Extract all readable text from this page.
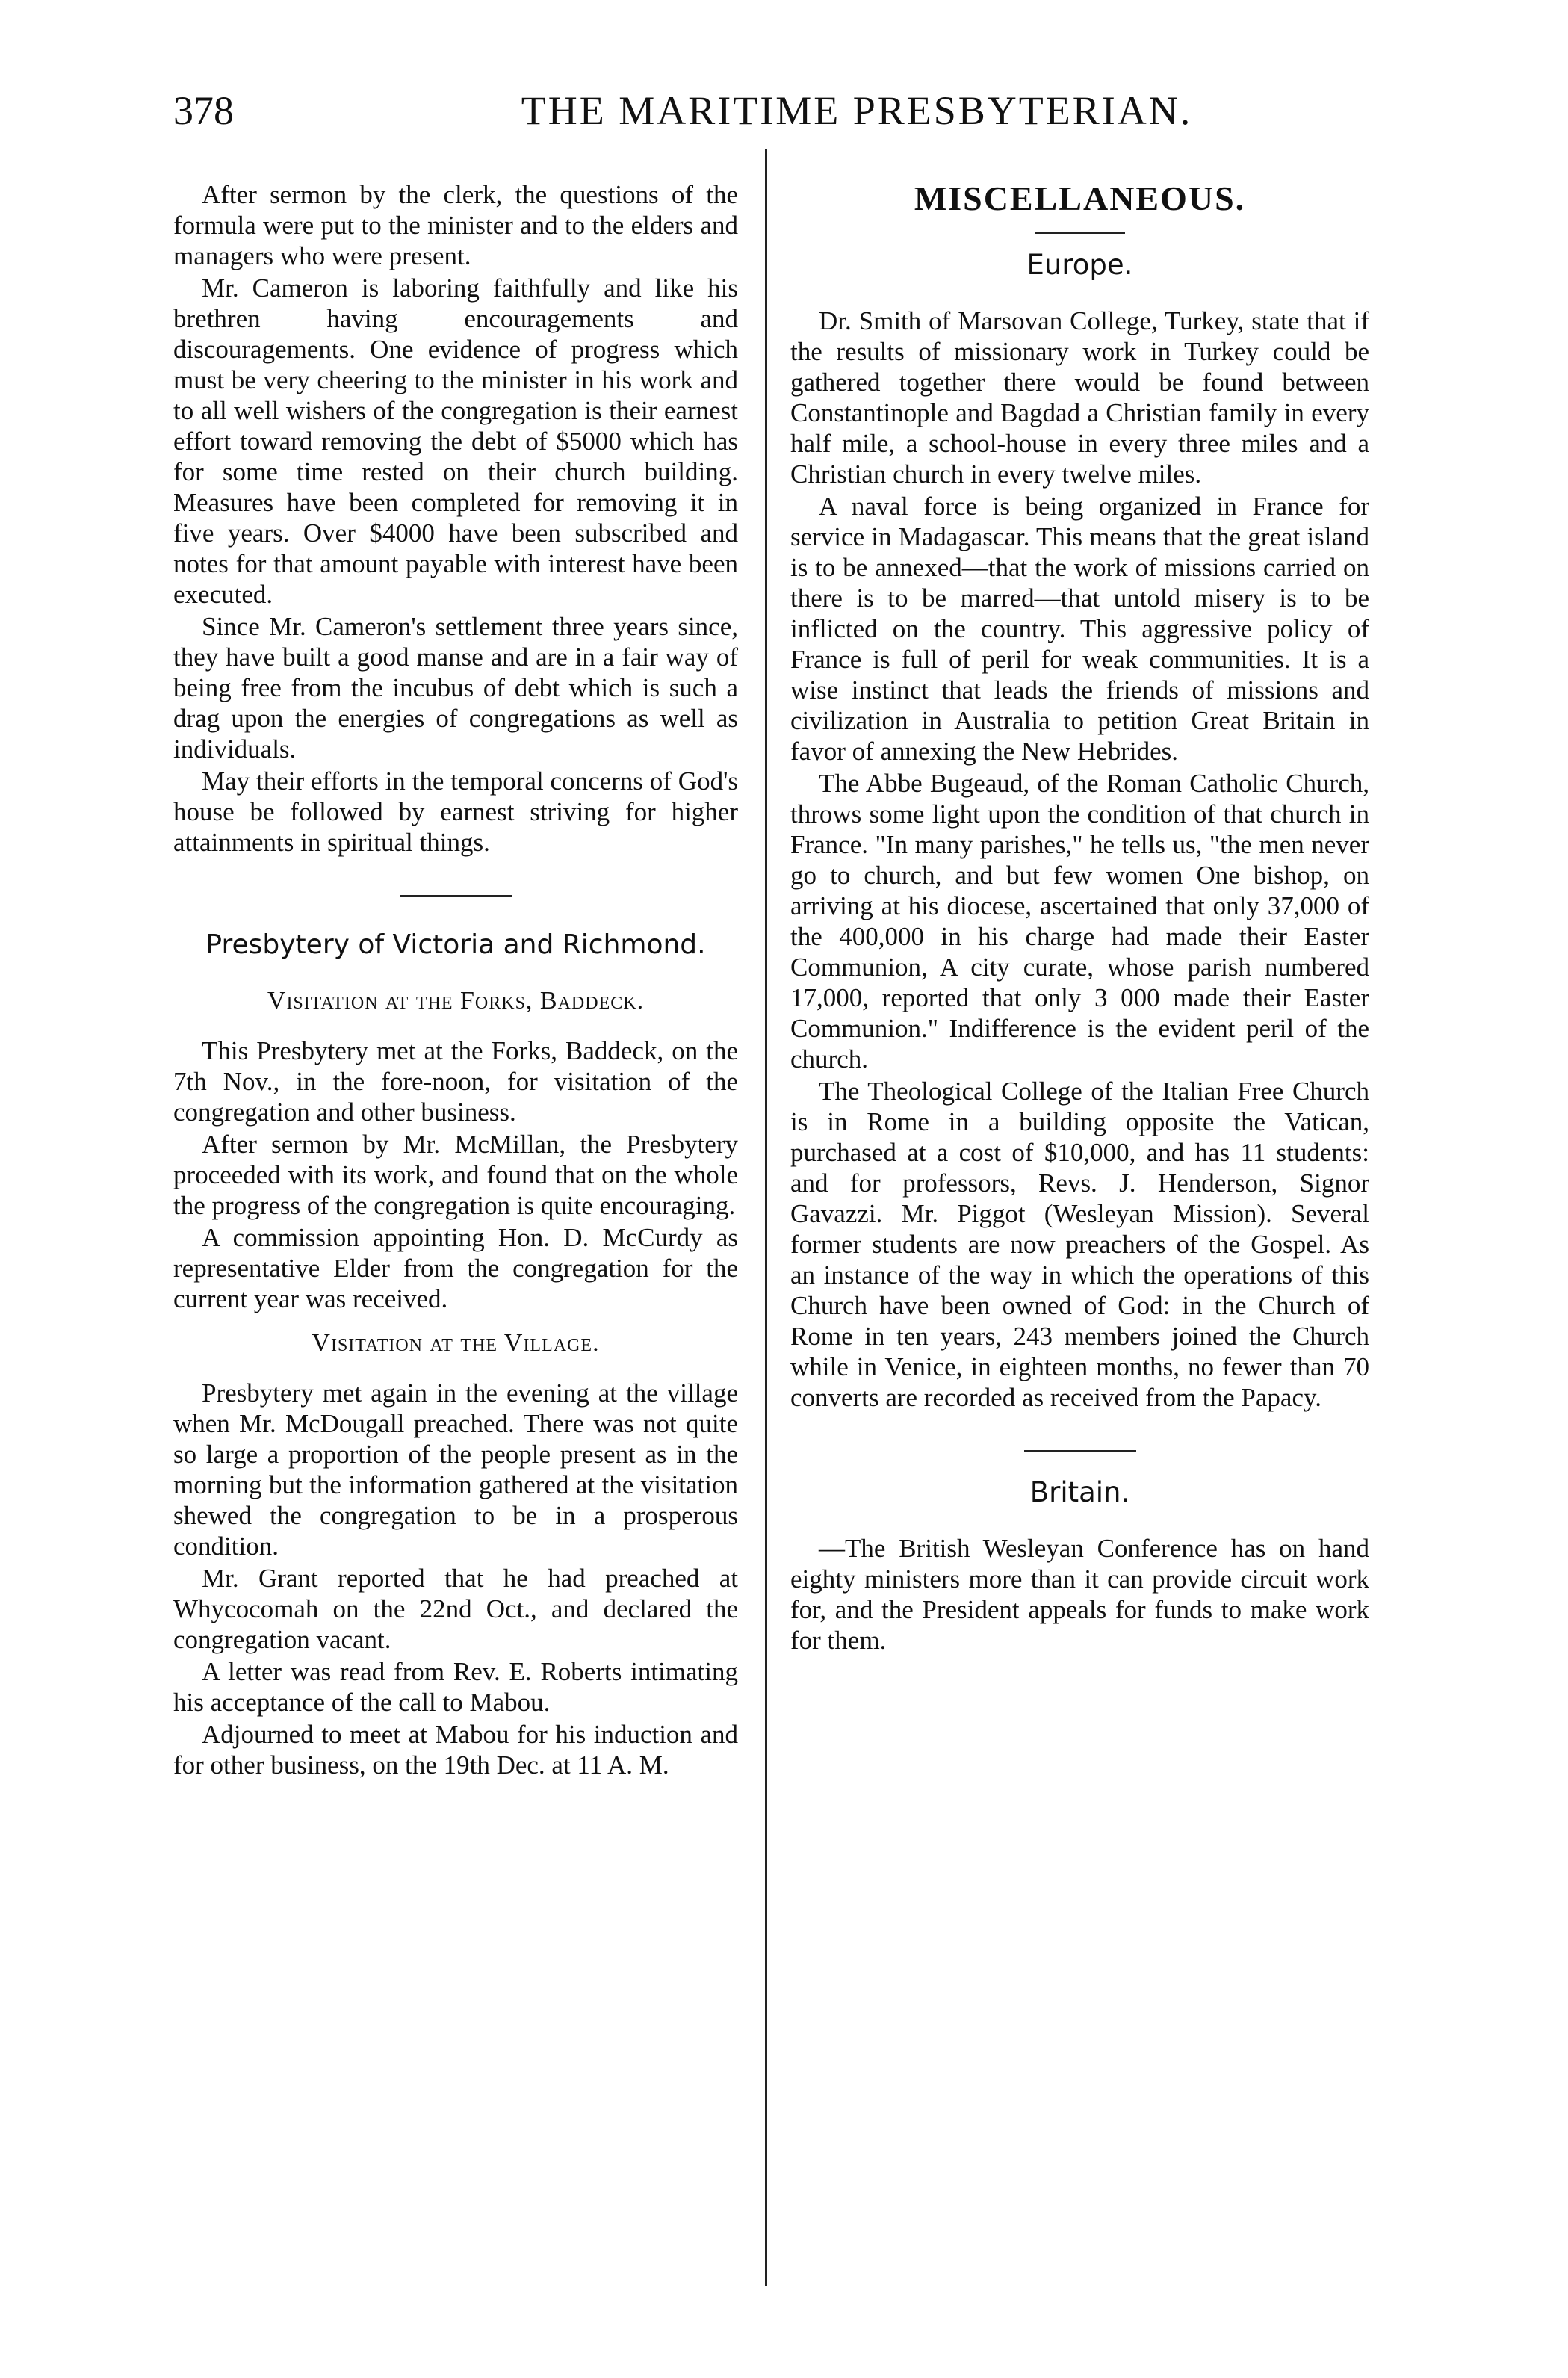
378	THE MARITIME PRESBYTERIAN.

After sermon by the clerk, the questions of the formula were put to the minister and to the elders and managers who were present.

Mr. Cameron is laboring faithfully and like his brethren having encouragements and discouragements. One evidence of progress which must be very cheering to the minister in his work and to all well wishers of the congregation is their earnest effort toward removing the debt of $5000 which has for some time rested on their church building. Measures have been completed for removing it in five years. Over $4000 have been subscribed and notes for that amount payable with interest have been executed.

Since Mr. Cameron's settlement three years since, they have built a good manse and are in a fair way of being free from the incubus of debt which is such a drag upon the energies of congregations as well as individuals.

May their efforts in the temporal concerns of God's house be followed by earnest striving for higher attainments in spiritual things.

Presbytery of Victoria and Richmond.
Visitation at the Forks, Baddeck.

This Presbytery met at the Forks, Baddeck, on the 7th Nov., in the fore-noon, for visitation of the congregation and other business.

After sermon by Mr. McMillan, the Presbytery proceeded with its work, and found that on the whole the progress of the congregation is quite encouraging.

A commission appointing Hon. D. McCurdy as representative Elder from the congregation for the current year was received.

Visitation at the Village.

Presbytery met again in the evening at the village when Mr. McDougall preached. There was not quite so large a proportion of the people present as in the morning but the information gathered at the visitation shewed the congregation to be in a prosperous condition.

Mr. Grant reported that he had preached at Whycocomah on the 22nd Oct., and declared the congregation vacant.

A letter was read from Rev. E. Roberts intimating his acceptance of the call to Mabou.

Adjourned to meet at Mabou for his induction and for other business, on the 19th Dec. at 11 A. M.

MISCELLANEOUS.
Europe.

Dr. Smith of Marsovan College, Turkey, state that if the results of missionary work in Turkey could be gathered together there would be found between Constantinople and Bagdad a Christian family in every half mile, a school-house in every three miles and a Christian church in every twelve miles.

A naval force is being organized in France for service in Madagascar. This means that the great island is to be annexed—that the work of missions carried on there is to be marred—that untold misery is to be inflicted on the country. This aggressive policy of France is full of peril for weak communities. It is a wise instinct that leads the friends of missions and civilization in Australia to petition Great Britain in favor of annexing the New Hebrides.

The Abbe Bugeaud, of the Roman Catholic Church, throws some light upon the condition of that church in France. "In many parishes," he tells us, "the men never go to church, and but few women One bishop, on arriving at his diocese, ascertained that only 37,000 of the 400,000 in his charge had made their Easter Communion, A city curate, whose parish numbered 17,000, reported that only 3 000 made their Easter Communion." Indifference is the evident peril of the church.

The Theological College of the Italian Free Church is in Rome in a building opposite the Vatican, purchased at a cost of $10,000, and has 11 students: and for professors, Revs. J. Henderson, Signor Gavazzi. Mr. Piggot (Wesleyan Mission). Several former students are now preachers of the Gospel. As an instance of the way in which the operations of this Church have been owned of God: in the Church of Rome in ten years, 243 members joined the Church while in Venice, in eighteen months, no fewer than 70 converts are recorded as received from the Papacy.

Britain.

—The British Wesleyan Conference has on hand eighty ministers more than it can provide circuit work for, and the President appeals for funds to make work for them.
